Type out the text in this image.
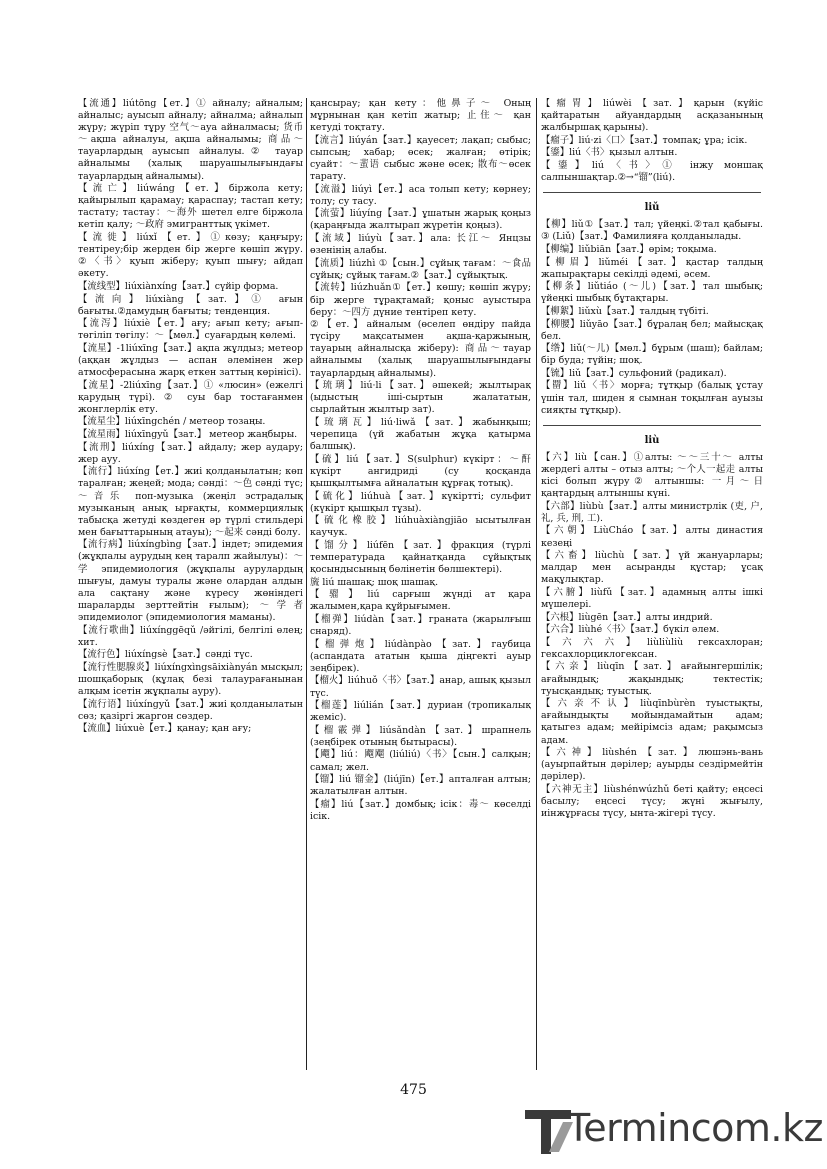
【流通】liútōng【ет.】① айналу; айналым; айналыс; ауысып айналу; айналма; айналып жүру; жүріп тұру 空气～ауа айналмасы; 货币～ақша айналуы, ақша айналымы; 商品～тауарлардың ауысып айналуы.② тауар айналымы (халық шаруашылығындағы тауарлардың айналымы).
【流亡】liúwáng【ет.】біржола кету; қайырылып қарамау; қараспау; тастап кету; тастату; тастау：～海外 шетел елге біржола кетіп қалу; ～政府 эмигранттық үкімет.
【流徙】liúxǐ【ет.】①көзу; қаңғыру; тентіреу;бір жерден бір жерге көшіп жүру. ②〈书〉қуып жіберу; қуып шығу; айдап әкету.
【流线型】liúxiànxíng【зат.】сүйір форма.
【流向】liúxiàng【зат.】① ағын бағыты.②дамудың бағыты; тенденция.
【流泻】liúxiè【ет.】ағу; ағып кету; ағып-төгіліп төгілу：～【мөл.】суағардың көлемі.
【流星】-1liúxīng【зат.】ақпа жұлдыз; метеор (аққан жұлдыз — аспан әлемінен жер атмосферасына жарқ еткен заттың көрінісі).
【流星】-2liúxīng【зат.】① «люсин» (ежелгі қарудың түрі). ② суы бар тостағанмен жонглерлік ету.
【流星尘】liúxīngchén / метеор тозаңы.
【流星雨】liúxīngyǔ【зат.】 метеор жаңбыры.
【流刑】liúxíng【зат.】айдалу; жер аудару; жер ауу.
【流行】liúxíng【ет.】жиі қолданылатын; көп таралған; жеңей; мода; сәнді：～色 сәнді түс; ～音乐 поп-музыка (жеңіл эстрадалық музыканың анық ырғақты, коммерциялық табысқа жетуді көздеген әр түрлі стильдері мен бағыттарының атауы); ～起来 сәнді болу.
【流行病】liúxíngbìng【зат.】індет; эпидемия (жұқпалы аурудың кең таралп жайылуы)：～学 эпидемиология (жұқпалы аурулардың шығуы, дамуы туралы және олардан алдын ала сақтану және күресу жөніндегі шараларды зерттейтін ғылым); ～学者 эпидемиолог (эпидемиология маманы).
【流行歌曲】liúxínggēqǔ /әйгілі, белгілі өлең; хит.
【流行色】liúxíngsè【зат.】сәнді түс.
【流行性腮腺炎】liúxíngxìngsāixiànyán мысқыл; шошқаборық (құлақ безі талаурағанынан алқым ісетін жұқпалы ауру).
【流行语】liúxíngyǔ【зат.】жиі қолданылатын сөз; қазіргі жаргон сөздер.
【流血】liúxuè【ет.】қанау; қан ағу;
қансырау; қан кету：他鼻子～ Оның мұрнынан қан кетіп жатыр; 止住～ қан кетуді тоқтату.
【流言】liúyán【зат.】қауесет; лақап; сыбыс; сыпсың; хабар; өсек; жалған; өтірік; суайт：～蜚语 сыбыс және өсек; 散布～өсек тарату.
【流溢】liúyì【ет.】аса толып кету; көрнеу; толу; су тасу.
【流萤】liúyíng【зат.】ұшатын жарық қоңыз (қараңғыда жалтырап жүретін қоңыз).
【流域】liúyù【зат.】ала: 长江～ Янцзы өзенінің алабы.
【流质】liúzhì ①【сын.】сұйық тағам：～食品 сұйық; сұйық тағам.②【зат.】сұйықтық.
【流转】liúzhuǎn①【ет.】көшу; көшіп жүру; бір жерге тұрақтамай; қоныс ауыстыра беру：～四方 дүние тентіреп кету.
②【ет.】айналым (өселеп өндіру пайда түсіру мақсатымен ақша-қаржының, тауарың айналысқа жіберу): 商品～тауар айналымы (халық шаруашылығындағы тауарлардың айналымы).
【琉璃】liú·li【зат.】әшекей; жылтырақ (ыдыстың іші-сыртын жалататын, сырлайтын жылтыр зат).
【琉璃瓦】liú·liwǎ【зат.】жабынқыш; черепица (үй жабатын жұқа қатырма балшық).
【硫】liú【зат.】S(sulphur) күкірт：～酐 күкірт ангидриді (су қосқанда қышқылтымға айналатын құрғақ тотық).
【硫化】liúhuà【зат.】күкірттi; сульфит (күкірт қышқыл тұзы).
【硫化橡胶】liúhuàxiàngjiāo ысытылған каучук.
【馏分】liúfēn【зат.】фракция (түрлі температурада қайнатқанда сұйықтық қосындысының бөлінетін бөлшектері).
旒 liú шашақ; шоқ шашақ.
【骝】liú сарғыш жүнді ат қара жалымен,қара құйрығымен.
【榴弹】liúdàn【зат.】граната (жарылғыш снаряд).
【榴弹炮】liúdànpào【зат.】гаубица (аспандата ататын қыша діңгекті ауыр зеңбірек).
【榴火】liúhuǒ〈书〉【зат.】анар, ашық қызыл түс.
【榴莲】liúlián【зат.】дуриан (тропикалық жеміс).
【榴霰弹】liúsǎndàn【зат.】шрапнель (зеңбірек отының бытырасы).
【飗】liú：飗飗 (liúliú)〈书〉【сын.】салқын; самал; жел.
【镏】liú 镏金】(liújīn)【ет.】апталған алтын; жалатылған алтын.
【瘤】liú【зат.】домбық; ісік：毒～ көселді ісік.
【瘤胃】liúwèi【зат.】қарын (күйіс қайтаратын айуандардың асқазанының жалбыршақ қарыны).
【瘤子】liú·zi〈口〉【зат.】томпақ; ұра; ісік.
【鎏】liú〈书〉қызыл алтын.
【鎏】liú〈书〉① інжу моншақ салпыншақтар.②→“镏”(liú).
liǔ
【柳】liǔ①【зат.】тал; үйеңкі.②тал қабығы. ③ (Liǔ)【зат.】Фамилияға қолданылады.
【柳编】liǔbiān【зат.】өрім; тоқыма.
【柳眉】liǔméi【зат.】қастар талдың жапырақтары секілді әдемі, әсем.
【柳条】liǔtiáo (～儿)【зат.】тал шыбық; үйеңкі шыбық бұтақтары.
【柳絮】liǔxù【зат.】талдың түбіті.
【柳腰】liǔyāo【зат.】бұралаң бел; майысқақ бел.
【绺】liǔ(～儿)【мөл.】бұрым (шаш); байлам; бір буда; түйін; шоқ.
【锍】liǔ【зат.】сульфоний (радикал).
【罶】liǔ〈书〉морға; тұтқыр (балық ұстау үшін тал, шиден я сымнан тоқылған ауызы сияқты тұтқыр).
liù
【六】liù【сан.】①алты: ～～三十～ алты жердегі алты – отыз алты; ～个人一起走 алты кісі болып жүру② алтыншы: 一月～日 қаңтардың алтыншы күні.
【六部】liùbù【зат.】алты министрлік (吏, 户, 礼, 兵, 刑, 工).
【六朝】LiùCháo【зат.】алты династия кезеңі
【六畜】liùchù【зат.】үй жануарлары; малдар мен асыранды құстар; ұсақ мақұлықтар.
【六腑】liùfǔ【зат.】адамның алты ішкі мүшелері.
【六根】liùgēn【зат.】алты индрий.
【六合】liùhé〈书〉【зат.】бүкіл әлем.
【六六六】liùliùliù гексахлоран; гексахлорциклогексан.
【六亲】liùqīn【зат.】ағайынгершілік; ағайындық; жақындық; тектестік; туысқандық; туыстық.
【六亲不认】liùqīnbùrèn туыстықты, ағайындықты мойындамайтын адам; қатыгез адам; мейірімсіз адам; рақымсыз адам.
【六神】liùshén【зат.】люшэнь-вань (ауырпайтын дәрілер; ауырды сездірмейтін дәрілер).
【六神无主】liùshénwúzhǔ беті қайту; еңсесі басылу; еңсесі түсу; жүні жығылу, иінжұрғасы түсу, ынта-жігері түсу.
475
Termincom.kz
